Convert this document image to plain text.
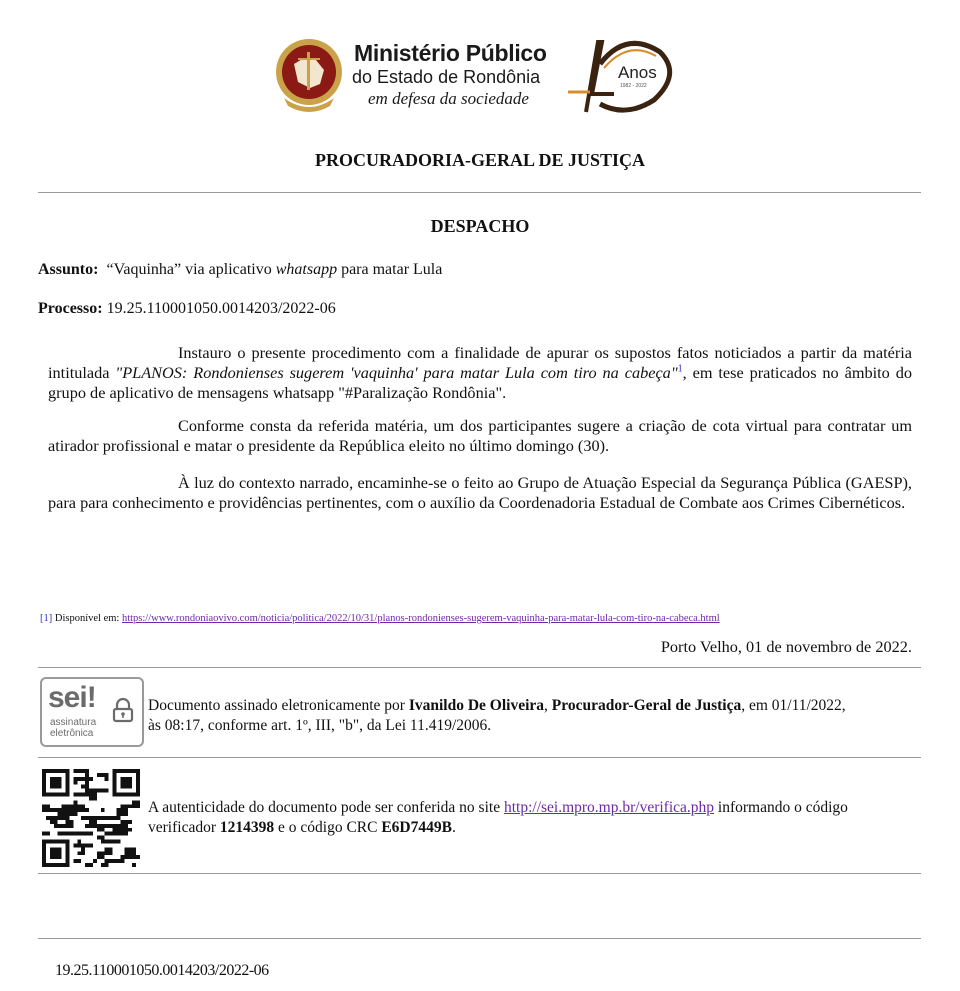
Ministério Público
do Estado de Rondônia
em defesa da sociedade
Anos
1982 - 2022
PROCURADORIA-GERAL DE JUSTIÇA
DESPACHO
Assunto: “Vaquinha” via aplicativo whatsapp para matar Lula
Processo: 19.25.110001050.0014203/2022-06
Instauro o presente procedimento com a finalidade de apurar os supostos fatos noticiados a partir da matéria intitulada "PLANOS: Rondonienses sugerem 'vaquinha' para matar Lula com tiro na cabeça"$^1$, em tese praticados no âmbito do grupo de aplicativo de mensagens whatsapp "#Paralização Rondônia".
Conforme consta da referida matéria, um dos participantes sugere a criação de cota virtual para contratar um atirador profissional e matar o presidente da República eleito no último domingo (30).
À luz do contexto narrado, encaminhe-se o feito ao Grupo de Atuação Especial da Segurança Pública (GAESP), para para conhecimento e providências pertinentes, com o auxílio da Coordenadoria Estadual de Combate aos Crimes Cibernéticos.
[1] Disponível em: https://www.rondoniaovivo.com/noticia/politica/2022/10/31/planos-rondonienses-sugerem-vaquinha-para-matar-lula-com-tiro-na-cabeca.html
Porto Velho, 01 de novembro de 2022.
sei!
assinatura
eletrônica
Documento assinado eletronicamente por Ivanildo De Oliveira, Procurador-Geral de Justiça, em 01/11/2022, às 08:17, conforme art. 1º, III, "b", da Lei 11.419/2006.
A autenticidade do documento pode ser conferida no site http://sei.mpro.mp.br/verifica.php informando o código verificador 1214398 e o código CRC E6D7449B.
19.25.110001050.0014203/2022-06
